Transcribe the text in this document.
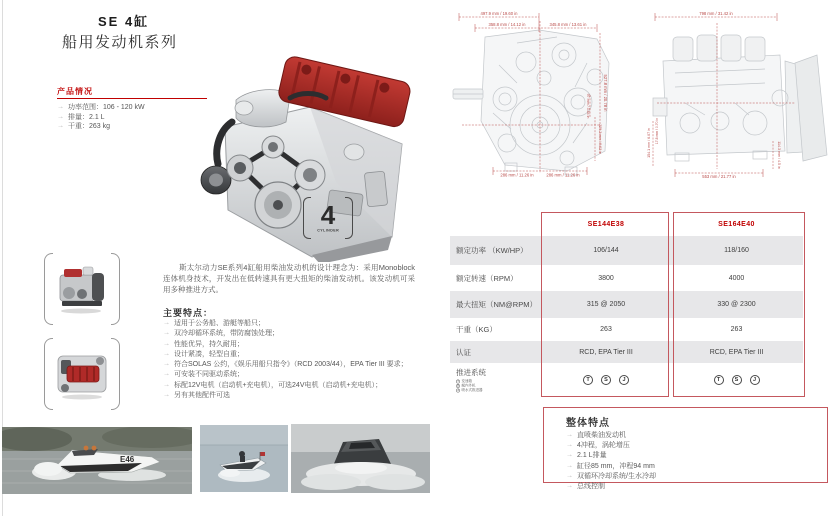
SE 4缸
船用发动机系列
产品情况
→ 功率范围：106 - 120 kW
→ 排量：2.1 L
→ 干重：263 kg
4
CYLINDER
斯太尔动力SE系列4缸船用柴油发动机的设计理念为：采用Monoblock连体机身技术，开发出在低转速具有更大扭矩的柴油发动机。该发动机可采用多种推进方式。
主要特点：
→ 适用于公务船、游艇等船只；
→ 双冷却循环系统，带防腐蚀处理；
→ 性能优异，持久耐用；
→ 设计紧凑，轻型自重；
→ 符合SOLAS 公约，《娱乐用船只指令》（RCD 2003/44），EPA Tier III 要求；
→ 可安装不同驱动系统；
→ 标配12V电机（启动机+充电机），可选24V电机（启动机+充电机）；
→ 另有其他配件可选
497.9 mm / 19.60 in
358.8 mm / 14.12 in	345.8 mm / 13.61 in
527.8 mm / 20.78 in
97 mm / 3.84 in
229.2 mm / 9.02 in
286 mm / 11.26 in	286 mm / 11.26 in
798 mm / 31.42 in
553 mm / 21.77 in
154.1 mm / 6.07 in 17.8 mm / 0.70 in
114.3 mm / 4.5 in
SE144E38	SE164E40
额定功率 （KW/HP）	106/144	118/160
额定转速（RPM）	3800	4000
最大扭矩（NM@RPM）	315 @ 2050	330 @ 2300
干重（KG）	263	263
认证	RCD, EPA Tier III	RCD, EPA Tier III
推进系统
T 变速箱
S 艉内外机
J 喷水式推进器
T	S	J	T	S	J
整体特点
→ 直喷柴油发动机
→ 4冲程，涡轮增压
→ 2.1 L排量
→ 缸径85 mm，冲程94 mm
→ 双循环冷却系统/生水冷却
→ 总线控制
E46
